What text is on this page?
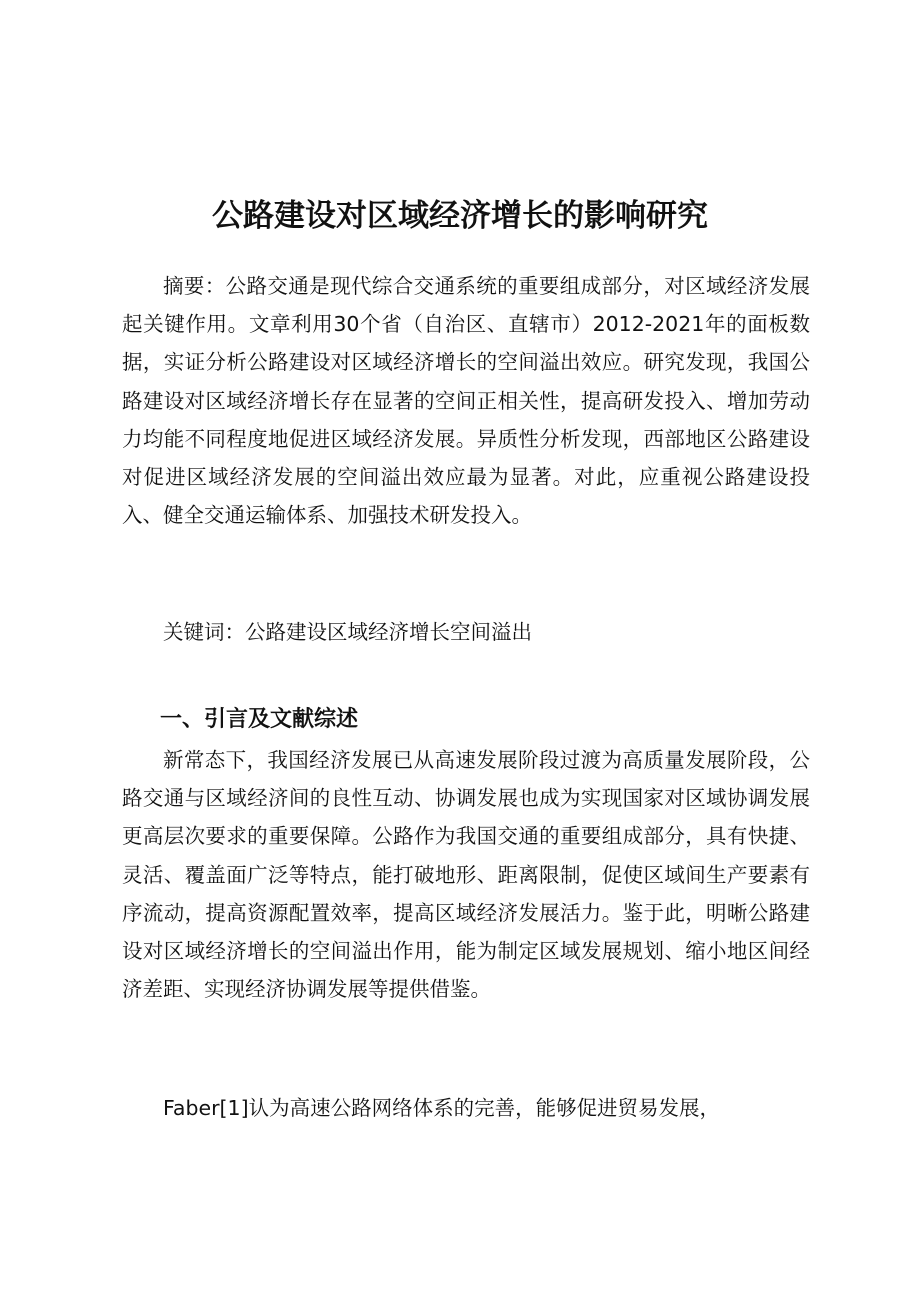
公路建设对区域经济增长的影响研究

摘要：公路交通是现代综合交通系统的重要组成部分，对区域经济发展起关键作用。文章利用30个省（自治区、直辖市）2012-2021年的面板数据，实证分析公路建设对区域经济增长的空间溢出效应。研究发现，我国公路建设对区域经济增长存在显著的空间正相关性，提高研发投入、增加劳动力均能不同程度地促进区域经济发展。异质性分析发现，西部地区公路建设对促进区域经济发展的空间溢出效应最为显著。对此，应重视公路建设投入、健全交通运输体系、加强技术研发投入。

关键词：公路建设区域经济增长空间溢出

一、引言及文献综述

新常态下，我国经济发展已从高速发展阶段过渡为高质量发展阶段，公路交通与区域经济间的良性互动、协调发展也成为实现国家对区域协调发展更高层次要求的重要保障。公路作为我国交通的重要组成部分，具有快捷、灵活、覆盖面广泛等特点，能打破地形、距离限制，促使区域间生产要素有序流动，提高资源配置效率，提高区域经济发展活力。鉴于此，明晰公路建设对区域经济增长的空间溢出作用，能为制定区域发展规划、缩小地区间经济差距、实现经济协调发展等提供借鉴。

Faber[1]认为高速公路网络体系的完善，能够促进贸易发展，
